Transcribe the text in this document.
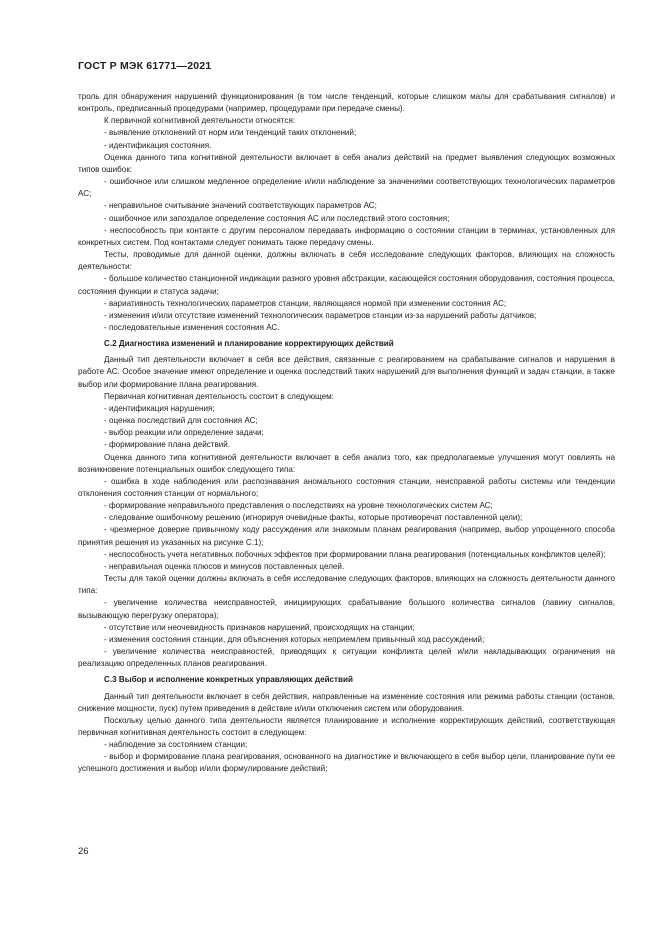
ГОСТ Р МЭК 61771—2021

троль для обнаружения нарушений функционирования (в том числе тенденций, которые слишком малы для срабатывания сигналов) и контроль, предписанный процедурами (например, процедурами при передаче смены).

К первичной когнитивной деятельности относятся:

- выявление отклонений от норм или тенденций таких отклонений;

- идентификация состояния.

Оценка данного типа когнитивной деятельности включает в себя анализ действий на предмет выявления следующих возможных типов ошибок:

- ошибочное или слишком медленное определение и/или наблюдение за значениями соответствующих технологических параметров АС;

- неправильное считывание значений соответствующих параметров АС;

- ошибочное или запоздалое определение состояния АС или последствий этого состояния;

- неспособность при контакте с другим персоналом передавать информацию о состоянии станции в терминах, установленных для конкретных систем. Под контактами следует понимать также передачу смены.

Тесты, проводимые для данной оценки, должны включать в себя исследование следующих факторов, влияющих на сложность деятельности:

- большое количество станционной индикации разного уровня абстракции, касающейся состояния оборудования, состояния процесса, состояния функции и статуса задачи;

- вариативность технологических параметров станции, являющаяся нормой при изменении состояния АС;

- изменения и/или отсутствие изменений технологических параметров станции из-за нарушений работы датчиков;

- последовательные изменения состояния АС.

С.2 Диагностика изменений и планирование корректирующих действий

Данный тип деятельности включает в себя все действия, связанные с реагированием на срабатывание сигналов и нарушения в работе АС. Особое значение имеют определение и оценка последствий таких нарушений для выполнения функций и задач станции, а также выбор или формирование плана реагирования.

Первичная когнитивная деятельность состоит в следующем:

- идентификация нарушения;

- оценка последствий для состояния АС;

- выбор реакции или определение задачи;

- формирование плана действий.

Оценка данного типа когнитивной деятельности включает в себя анализ того, как предполагаемые улучшения могут повлиять на возникновение потенциальных ошибок следующего типа:

- ошибка в ходе наблюдения или распознавания аномального состояния станции, неисправной работы системы или тенденции отклонения состояния станции от нормального;

- формирование неправильного представления о последствиях на уровне технологических систем АС;

- следование ошибочному решению (игнорируя очевидные факты, которые противоречат поставленной цели);

- чрезмерное доверие привычному ходу рассуждения или знакомым планам реагирования (например, выбор упрощенного способа принятия решения из указанных на рисунке С.1);

- неспособность учета негативных побочных эффектов при формировании плана реагирования (потенциальных конфликтов целей);

- неправильная оценка плюсов и минусов поставленных целей.

Тесты для такой оценки должны включать в себя исследование следующих факторов, влияющих на сложность деятельности данного типа:

- увеличение количества неисправностей, инициирующих срабатывание большого количества сигналов (лавину сигналов, вызывающую перегрузку оператора);

- отсутствие или неочевидность признаков нарушений, происходящих на станции;

- изменения состояния станции, для объяснения которых неприемлем привычный ход рассуждений;

- увеличение количества неисправностей, приводящих к ситуации конфликта целей и/или накладывающих ограничения на реализацию определенных планов реагирования.

С.3 Выбор и исполнение конкретных управляющих действий

Данный тип деятельности включает в себя действия, направленные на изменение состояния или режима работы станции (останов, снижение мощности, пуск) путем приведения в действие и/или отключения систем или оборудования.

Поскольку целью данного типа деятельности является планирование и исполнение корректирующих действий, соответствующая первичная когнитивная деятельность состоит в следующем:

- наблюдение за состоянием станции;

- выбор и формирование плана реагирования, основанного на диагностике и включающего в себя выбор цели, планирование пути ее успешного достижения и выбор и/или формулирование действий;

26
